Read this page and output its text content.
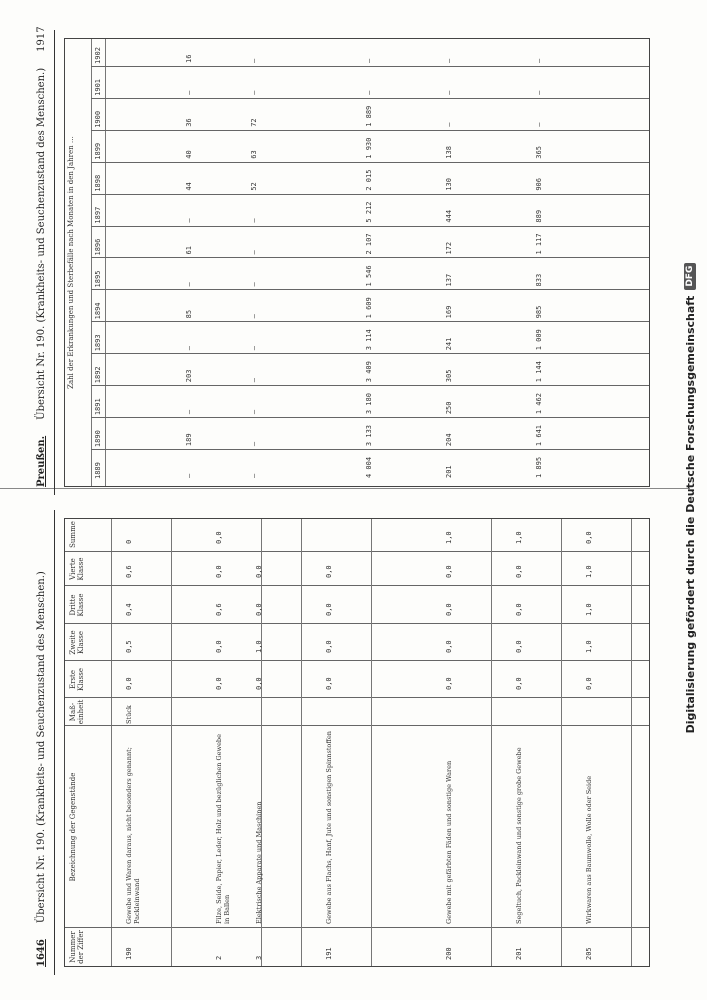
Preußen.
Übersicht Nr. 190. (Krankheits- und Seuchenzustand des Menschen.)
1917
Zahl der Erkrankungen und Sterbefälle nach Monaten in den Jahren …
1889
1890
1891
1892
1893
1894
1895
1896
1897
1898
1899
1900
1901
1902
—
189
—
203
—
85
—
61
—
44
40
36
—
16
—
—
—
—
—
—
—
—
—
52
63
72
—
—
4 004
3 133
3 180
3 409
3 114
1 609
1 546
2 107
5 212
2 015
1 930
1 889
—
—
201
204
250
305
241
169
137
172
444
130
138
—
—
—
1 895
1 641
1 462
1 144
1 009
985
833
1 117
889
906
365
—
—
—
1646
Übersicht Nr. 190. (Krankheits- und Seuchenzustand des Menschen.)
Nummer der Ziffer
Bezeichnung der Gegenstände
Maß-einheit
Erste Klasse
Zweite Klasse
Dritte Klasse
Vierte Klasse
Summe
190
Gewebe und Waren daraus, nicht besonders genannt; Packleinwand
Stück
0,0
0,5
0,4
0,6
0
2
Filze, Seide, Papier, Leder, Holz und bezüglichen Gewebe in Ballen
0,0
0,0
0,6
0,0
0,0
3
Elektrische Apparate und Maschinen
0,0
1,0
0,0
0,0
191
Gewebe aus Flachs, Hanf, Jute und sonstigen Spinnstoffen
0,0
0,0
0,0
0,0
200
Gewebe mit gefärbten Fäden und sonstige Waren
0,0
0,0
0,0
0,0
1,0
201
Segeltuch, Packleinwand und sonstige grobe Gewebe
0,0
0,0
0,0
0,0
1,0
205
Wirkwaren aus Baumwolle, Wolle oder Seide
0,0
1,0
1,0
1,0
0,0	Digitalisierung gefördert durch die Deutsche Forschungsgemeinschaft
DFG
